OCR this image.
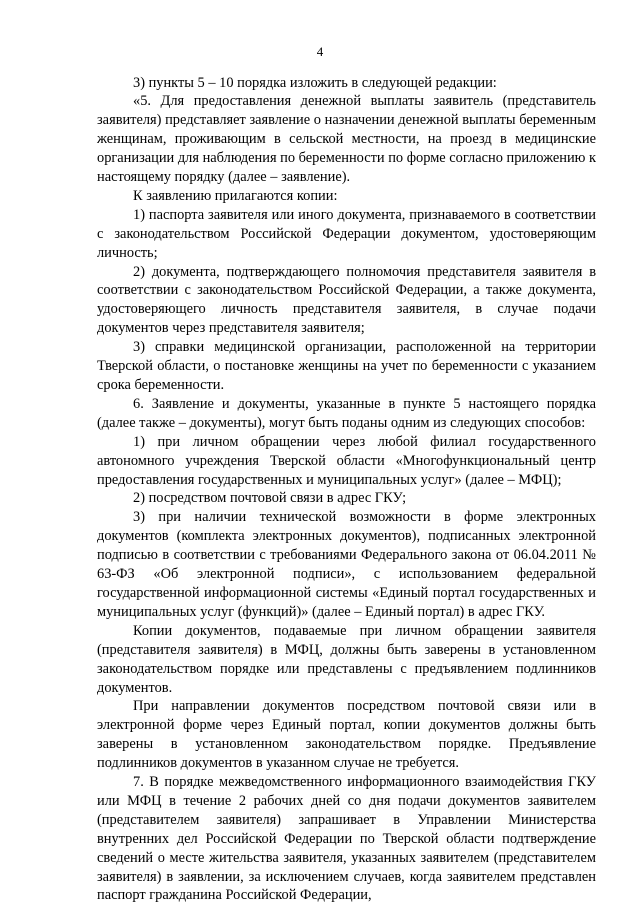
4

3) пункты 5 – 10 порядка изложить в следующей редакции:

«5. Для предоставления денежной выплаты заявитель (представитель заявителя) представляет заявление о назначении денежной выплаты беременным женщинам, проживающим в сельской местности, на проезд в медицинские организации для наблюдения по беременности по форме согласно приложению к настоящему порядку (далее – заявление).

К заявлению прилагаются копии:

1) паспорта заявителя или иного документа, признаваемого в соответствии с законодательством Российской Федерации документом, удостоверяющим личность;

2) документа, подтверждающего полномочия представителя заявителя в соответствии с законодательством Российской Федерации, а также документа, удостоверяющего личность представителя заявителя, в случае подачи документов через представителя заявителя;

3) справки медицинской организации, расположенной на территории Тверской области, о постановке женщины на учет по беременности с указанием срока беременности.

6. Заявление и документы, указанные в пункте 5 настоящего порядка (далее также – документы), могут быть поданы одним из следующих способов:

1) при личном обращении через любой филиал государственного автономного учреждения Тверской области «Многофункциональный центр предоставления государственных и муниципальных услуг» (далее – МФЦ);

2) посредством почтовой связи в адрес ГКУ;

3) при наличии технической возможности в форме электронных документов (комплекта электронных документов), подписанных электронной подписью в соответствии с требованиями Федерального закона от 06.04.2011 № 63-ФЗ «Об электронной подписи», с использованием федеральной государственной информационной системы «Единый портал государственных и муниципальных услуг (функций)» (далее – Единый портал) в адрес ГКУ.

Копии документов, подаваемые при личном обращении заявителя (представителя заявителя) в МФЦ, должны быть заверены в установленном законодательством порядке или представлены с предъявлением подлинников документов.

При направлении документов посредством почтовой связи или в электронной форме через Единый портал, копии документов должны быть заверены в установленном законодательством порядке. Предъявление подлинников документов в указанном случае не требуется.

7. В порядке межведомственного информационного взаимодействия ГКУ или МФЦ в течение 2 рабочих дней со дня подачи документов заявителем (представителем заявителя) запрашивает в Управлении Министерства внутренних дел Российской Федерации по Тверской области подтверждение сведений о месте жительства заявителя, указанных заявителем (представителем заявителя) в заявлении, за исключением случаев, когда заявителем представлен паспорт гражданина Российской Федерации,
